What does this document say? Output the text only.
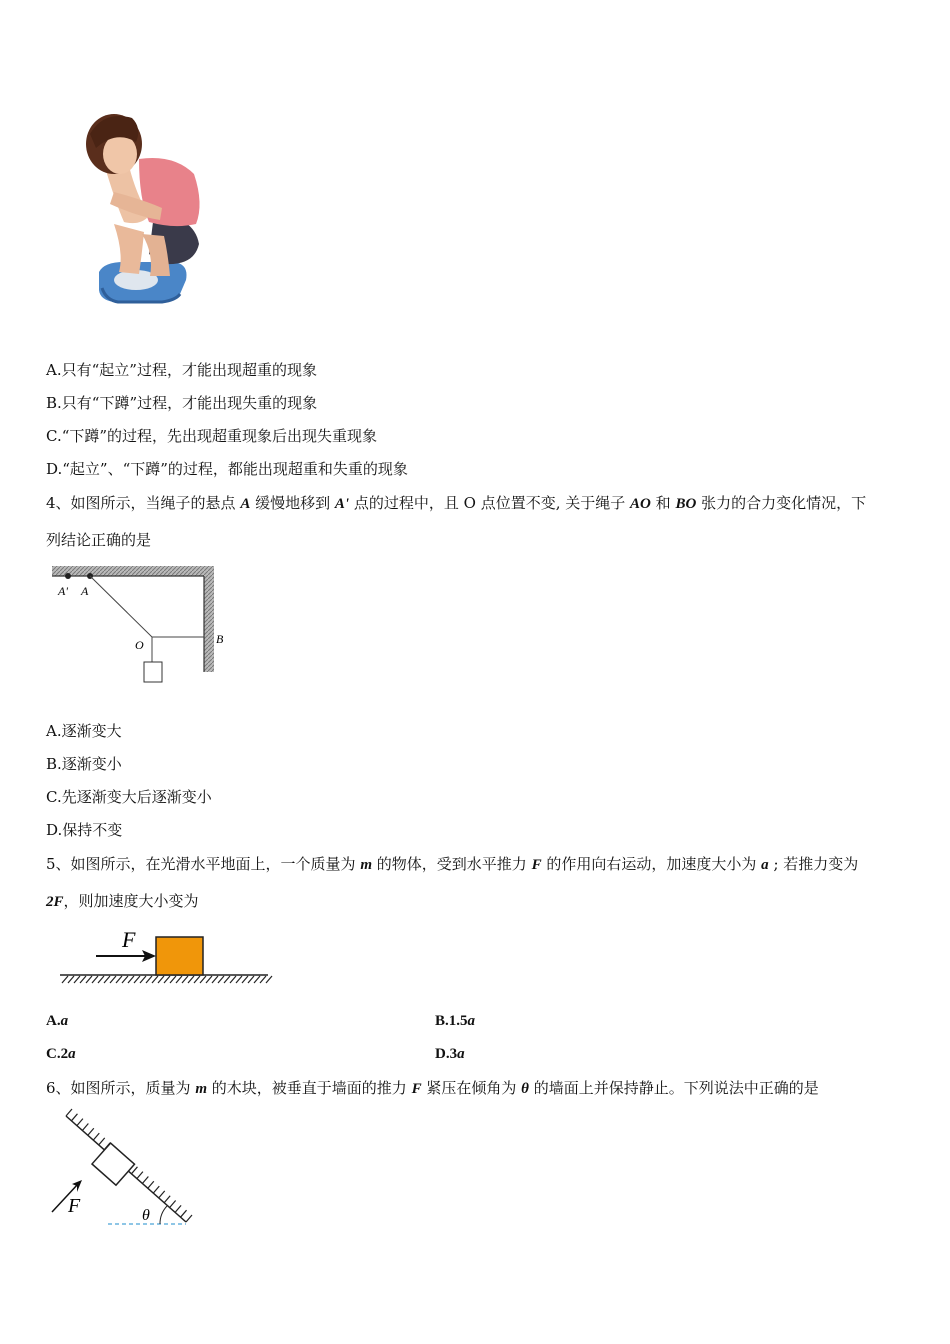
A.只有“起立”过程，才能出现超重的现象
B.只有“下蹲”过程，才能出现失重的现象
C.“下蹲”的过程，先出现超重现象后出现失重现象
D.“起立”、“下蹲”的过程，都能出现超重和失重的现象
4、如图所示，当绳子的悬点 A 缓慢地移到 A' 点的过程中，且 O 点位置不变, 关于绳子 AO 和 BO 张力的合力变化情况，下
列结论正确的是
A' A
O	B
A.逐渐变大
B.逐渐变小
C.先逐渐变大后逐渐变小
D.保持不变
5、如图所示，在光滑水平地面上，一个质量为 m 的物体，受到水平推力 F 的作用向右运动，加速度大小为 a ; 若推力变为
2F，则加速度大小变为
F
A.a	B.1.5a
C.2a	D.3a
6、如图所示，质量为 m 的木块，被垂直于墙面的推力 F 紧压在倾角为 θ 的墙面上并保持静止。下列说法中正确的是
F	θ
